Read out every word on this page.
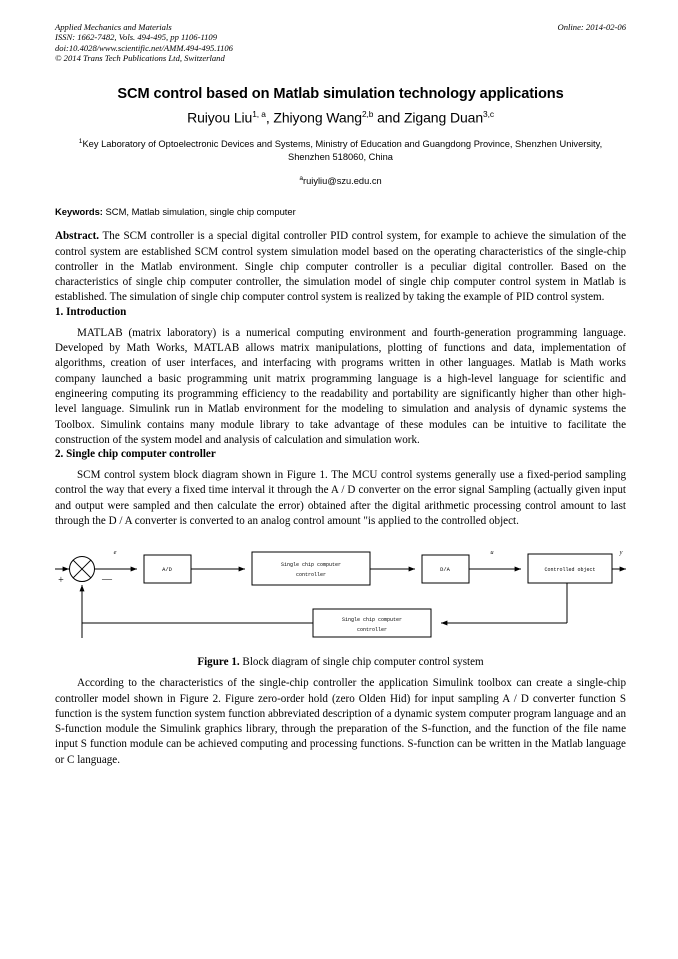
Applied Mechanics and Materials
ISSN: 1662-7482, Vols. 494-495, pp 1106-1109
doi:10.4028/www.scientific.net/AMM.494-495.1106
© 2014 Trans Tech Publications Ltd, Switzerland
Online: 2014-02-06
SCM control based on Matlab simulation technology applications
Ruiyou Liu$^{1, a}$, Zhiyong Wang$^{2,b}$ and Zigang Duan$^{3,c}$
$^1$Key Laboratory of Optoelectronic Devices and Systems, Ministry of Education and Guangdong Province, Shenzhen University, Shenzhen 518060, China
$^a$ruiyliu@szu.edu.cn
Keywords: SCM, Matlab simulation, single chip computer
Abstract. The SCM controller is a special digital controller PID control system, for example to achieve the simulation of the control system are established SCM control system simulation model based on the operating characteristics of the single-chip controller in the Matlab environment. Single chip computer controller is a peculiar digital controller. Based on the characteristics of single chip computer controller, the simulation model of single chip computer control system in Matlab is established. The simulation of single chip computer control system is realized by taking the example of PID control system.
1. Introduction

MATLAB (matrix laboratory) is a numerical computing environment and fourth-generation programming language. Developed by Math Works, MATLAB allows matrix manipulations, plotting of functions and data, implementation of algorithms, creation of user interfaces, and interfacing with programs written in other languages. Matlab is Math works company launched a basic programming unit matrix programming language is a high-level language for scientific and engineering computing its programming efficiency to the readability and portability are significantly higher than other high-level language. Simulink run in Matlab environment for the modeling to simulation and analysis of dynamic systems the Toolbox. Simulink contains many module library to take advantage of these modules can be intuitive to facilitate the construction of the system model and analysis of calculation and simulation work.

2. Single chip computer controller

SCM control system block diagram shown in Figure 1. The MCU control systems generally use a fixed-period sampling control the way that every a fixed time interval it through the A / D converter on the error signal Sampling (actually given input and output were sampled and then calculate the error) obtained after the digital arithmetic processing control amount to last through the D / A converter is converted to an analog control amount "is applied to the controlled object.

A/D
Single chip computer
controller
D/A	Controlled object
Single chip computer
controller
e	u	y
+	—
Figure 1. Block diagram of single chip computer control system

According to the characteristics of the single-chip controller the application Simulink toolbox can create a single-chip controller model shown in Figure 2. Figure zero-order hold (zero Olden Hid) for input sampling A / D converter function S function is the system function system function abbreviated description of a dynamic system computer program language and an S-function module the Simulink graphics library, through the preparation of the S-function, and the function of the file name input S function module can be achieved computing and processing functions. S-function can be written in the Matlab language or C language.
